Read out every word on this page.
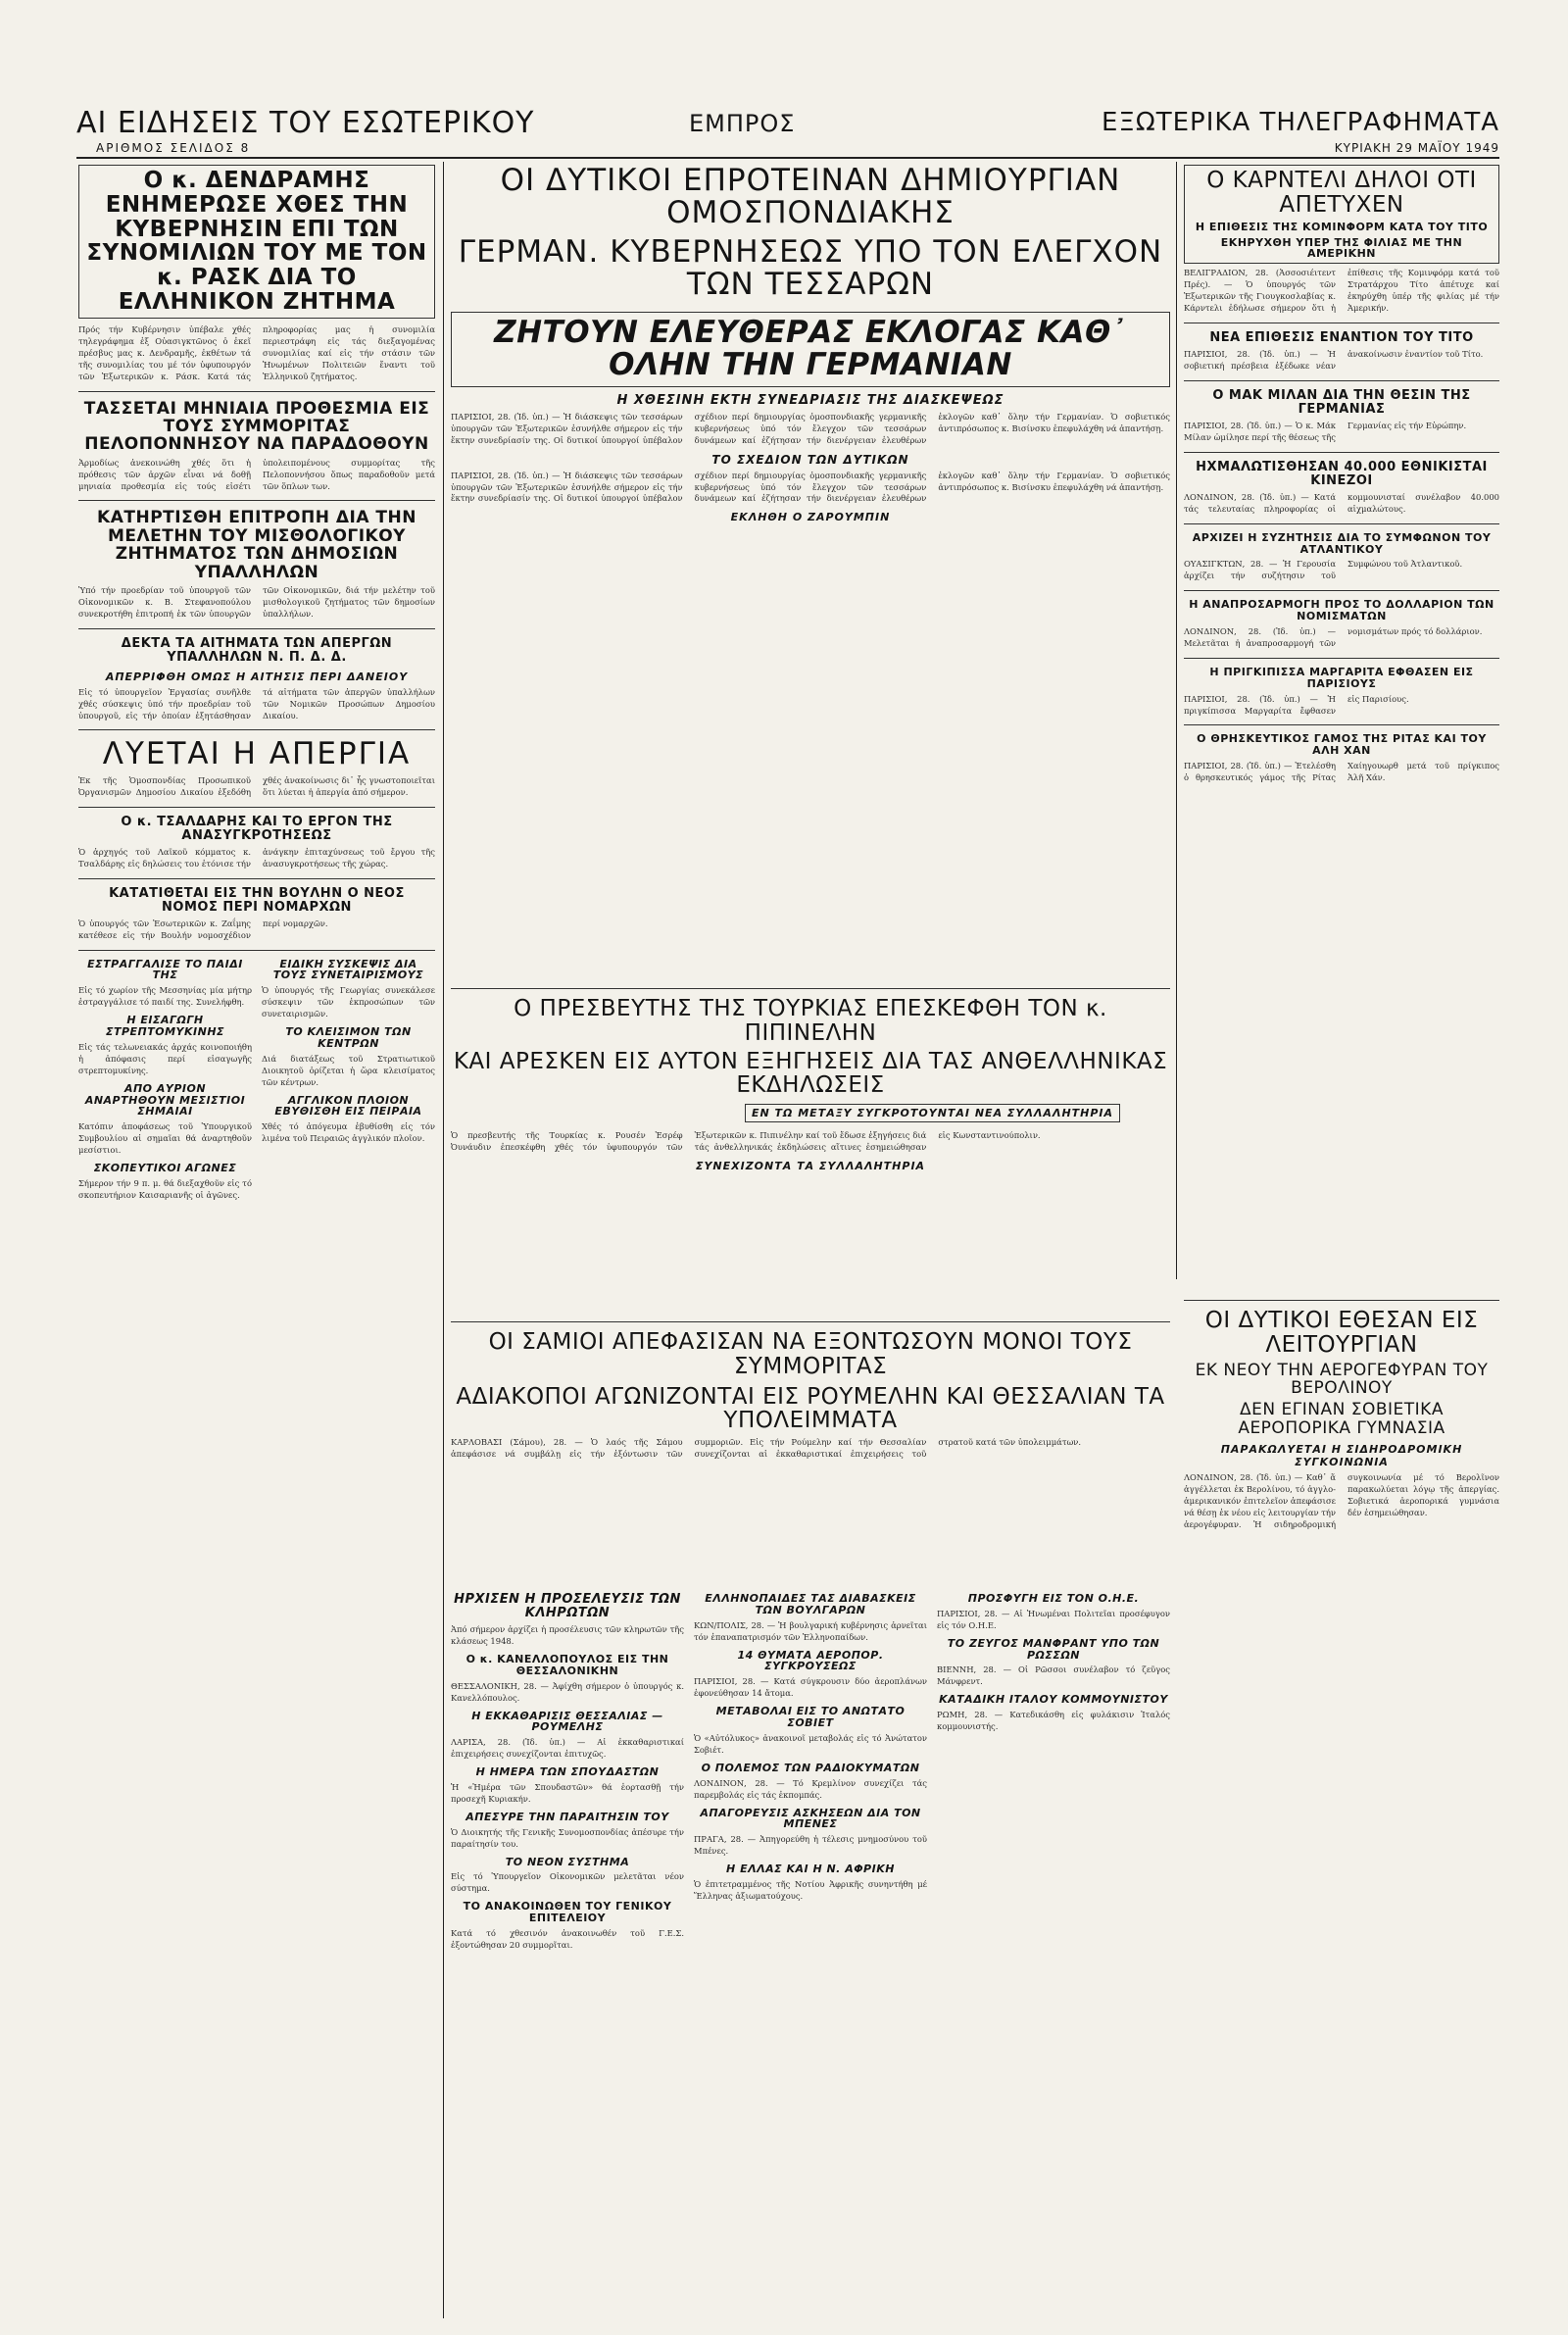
ΑΙ ΕΙΔΗΣΕΙΣ ΤΟΥ ΕΣΩΤΕΡΙΚΟΥ
ΑΡΙΘΜΟΣ ΣΕΛΙΔΟΣ 8
ΕΜΠΡΟΣ	ΕΞΩΤΕΡΙΚΑ ΤΗΛΕΓΡΑΦΗΜΑΤΑ
ΚΥΡΙΑΚΗ 29 ΜΑΪΟΥ 1949
Ο κ. ΔΕΝΔΡΑΜΗΣ ΕΝΗΜΕΡΩΣΕ ΧΘΕΣ ΤΗΝ ΚΥΒΕΡΝΗΣΙΝ ΕΠΙ ΤΩΝ ΣΥΝΟΜΙΛΙΩΝ ΤΟΥ ΜΕ ΤΟΝ κ. ΡΑΣΚ ΔΙΑ ΤΟ ΕΛΛΗΝΙΚΟΝ ΖΗΤΗΜΑ
Πρός τήν Κυβέρνησιν ὑπέβαλε χθές τηλεγράφημα ἐξ Οὐασιγκτῶνος ὁ ἐκεῖ πρέσβυς μας κ. Δενδραμῆς, ἐκθέτων τά τῆς συνομιλίας του μέ τόν ὑφυπουργόν τῶν Ἐξωτερικῶν κ. Ράσκ. Κατά τάς πληροφορίας μας ἡ συνομιλία περιεστράφη εἰς τάς διεξαγομένας συνομιλίας καί εἰς τήν στάσιν τῶν Ἡνωμένων Πολιτειῶν ἔναντι τοῦ Ἑλληνικοῦ ζητήματος.
ΤΑΣΣΕΤΑΙ ΜΗΝΙΑΙΑ ΠΡΟΘΕΣΜΙΑ ΕΙΣ ΤΟΥΣ ΣΥΜΜΟΡΙΤΑΣ ΠΕΛΟΠΟΝΝΗΣΟΥ ΝΑ ΠΑΡΑΔΟΘΟΥΝ
Ἀρμοδίως ἀνεκοινώθη χθές ὅτι ἡ πρόθεσις τῶν ἀρχῶν εἶναι νά δοθῇ μηνιαία προθεσμία εἰς τούς εἰσέτι ὑπολειπομένους συμμορίτας τῆς Πελοποννήσου ὅπως παραδοθοῦν μετά τῶν ὅπλων των.
ΚΑΤΗΡΤΙΣΘΗ ΕΠΙΤΡΟΠΗ ΔΙΑ ΤΗΝ ΜΕΛΕΤΗΝ ΤΟΥ ΜΙΣΘΟΛΟΓΙΚΟΥ ΖΗΤΗΜΑΤΟΣ ΤΩΝ ΔΗΜΟΣΙΩΝ ΥΠΑΛΛΗΛΩΝ
Ὑπό τήν προεδρίαν τοῦ ὑπουργοῦ τῶν Οἰκονομικῶν κ. Β. Στεφανοπούλου συνεκροτήθη ἐπιτροπή ἐκ τῶν ὑπουργῶν τῶν Οἰκονομικῶν, διά τήν μελέτην τοῦ μισθολογικοῦ ζητήματος τῶν δημοσίων ὑπαλλήλων.
ΔΕΚΤΑ ΤΑ ΑΙΤΗΜΑΤΑ ΤΩΝ ΑΠΕΡΓΩΝ ΥΠΑΛΛΗΛΩΝ Ν. Π. Δ. Δ.
ΑΠΕΡΡΙΦΘΗ ΟΜΩΣ Η ΑΙΤΗΣΙΣ ΠΕΡΙ ΔΑΝΕΙΟΥ
Εἰς τό ὑπουργεῖον Ἐργασίας συνῆλθε χθές σύσκεψις ὑπό τήν προεδρίαν τοῦ ὑπουργοῦ, εἰς τήν ὁποίαν ἐξητάσθησαν τά αἰτήματα τῶν ἀπεργῶν ὑπαλλήλων τῶν Νομικῶν Προσώπων Δημοσίου Δικαίου.
ΛΥΕΤΑΙ Η ΑΠΕΡΓΙΑ
Ἐκ τῆς Ὁμοσπονδίας Προσωπικοῦ Ὀργανισμῶν Δημοσίου Δικαίου ἐξεδόθη χθές ἀνακοίνωσις δι᾿ ἧς γνωστοποιεῖται ὅτι λύεται ἡ ἀπεργία ἀπό σήμερον.
Ο κ. ΤΣΑΛΔΑΡΗΣ ΚΑΙ ΤΟ ΕΡΓΟΝ ΤΗΣ ΑΝΑΣΥΓΚΡΟΤΗΣΕΩΣ
Ὁ ἀρχηγός τοῦ Λαϊκοῦ κόμματος κ. Τσαλδάρης εἰς δηλώσεις του ἐτόνισε τήν ἀνάγκην ἐπιταχύνσεως τοῦ ἔργου τῆς ἀνασυγκροτήσεως τῆς χώρας.
ΚΑΤΑΤΙΘΕΤΑΙ ΕΙΣ ΤΗΝ ΒΟΥΛΗΝ Ο ΝΕΟΣ ΝΟΜΟΣ ΠΕΡΙ ΝΟΜΑΡΧΩΝ
Ὁ ὑπουργός τῶν Ἐσωτερικῶν κ. Ζαΐμης κατέθεσε εἰς τήν Βουλήν νομοσχέδιον περί νομαρχῶν.
ΕΣΤΡΑΓΓΑΛΙΣΕ ΤΟ ΠΑΙΔΙ ΤΗΣ
Εἰς τό χωρίον τῆς Μεσσηνίας μία μήτηρ ἐστραγγάλισε τό παιδί της. Συνελήφθη.
Η ΕΙΣΑΓΩΓΗ ΣΤΡΕΠΤΟΜΥΚΙΝΗΣ
Εἰς τάς τελωνειακάς ἀρχάς κοινοποιήθη ἡ ἀπόφασις περί εἰσαγωγῆς στρεπτομυκίνης.
ΑΠΟ ΑΥΡΙΟΝ ΑΝΑΡΤΗΘΟΥΝ ΜΕΣΙΣΤΙΟΙ ΣΗΜΑΙΑΙ
Κατόπιν ἀποφάσεως τοῦ Ὑπουργικοῦ Συμβουλίου αἱ σημαῖαι θά ἀναρτηθοῦν μεσίστιοι.
ΣΚΟΠΕΥΤΙΚΟΙ ΑΓΩΝΕΣ
Σήμερον τήν 9 π. μ. θά διεξαχθοῦν εἰς τό σκοπευτήριον Καισαριανῆς οἱ ἀγῶνες.
ΕΙΔΙΚΗ ΣΥΣΚΕΨΙΣ ΔΙΑ ΤΟΥΣ ΣΥΝΕΤΑΙΡΙΣΜΟΥΣ
Ὁ ὑπουργός τῆς Γεωργίας συνεκάλεσε σύσκεψιν τῶν ἐκπροσώπων τῶν συνεταιρισμῶν.
ΤΟ ΚΛΕΙΣΙΜΟΝ ΤΩΝ ΚΕΝΤΡΩΝ
Διά διατάξεως τοῦ Στρατιωτικοῦ Διοικητοῦ ὁρίζεται ἡ ὥρα κλεισίματος τῶν κέντρων.
ΑΓΓΛΙΚΟΝ ΠΛΟΙΟΝ ΕΒΥΘΙΣΘΗ ΕΙΣ ΠΕΙΡΑΙΑ
Χθές τό ἀπόγευμα ἐβυθίσθη εἰς τόν λιμένα τοῦ Πειραιῶς ἀγγλικόν πλοῖον.
ΟΙ ΔΥΤΙΚΟΙ ΕΠΡΟΤΕΙΝΑΝ ΔΗΜΙΟΥΡΓΙΑΝ ΟΜΟΣΠΟΝΔΙΑΚΗΣ
ΓΕΡΜΑΝ. ΚΥΒΕΡΝΗΣΕΩΣ ΥΠΟ ΤΟΝ ΕΛΕΓΧΟΝ ΤΩΝ ΤΕΣΣΑΡΩΝ
ΖΗΤΟΥΝ ΕΛΕΥΘΕΡΑΣ ΕΚΛΟΓΑΣ ΚΑΘ᾿ ΟΛΗΝ ΤΗΝ ΓΕΡΜΑΝΙΑΝ
Η ΧΘΕΣΙΝΗ ΕΚΤΗ ΣΥΝΕΔΡΙΑΣΙΣ ΤΗΣ ΔΙΑΣΚΕΨΕΩΣ
ΠΑΡΙΣΙΟΙ, 28. (Ἰδ. ὑπ.) — Ἡ διάσκεψις τῶν τεσσάρων ὑπουργῶν τῶν Ἐξωτερικῶν ἐσυνήλθε σήμερον εἰς τήν ἕκτην συνεδρίασίν της. Οἱ δυτικοί ὑπουργοί ὑπέβαλον σχέδιον περί δημιουργίας ὁμοσπονδιακῆς γερμανικῆς κυβερνήσεως ὑπό τόν ἔλεγχον τῶν τεσσάρων δυνάμεων καί ἐζήτησαν τήν διενέργειαν ἐλευθέρων ἐκλογῶν καθ᾿ ὅλην τήν Γερμανίαν. Ὁ σοβιετικός ἀντιπρόσωπος κ. Βισίνσκυ ἐπεφυλάχθη νά ἀπαντήσῃ.
ΤΟ ΣΧΕΔΙΟΝ ΤΩΝ ΔΥΤΙΚΩΝ
ΠΑΡΙΣΙΟΙ, 28. (Ἰδ. ὑπ.) — Ἡ διάσκεψις τῶν τεσσάρων ὑπουργῶν τῶν Ἐξωτερικῶν ἐσυνήλθε σήμερον εἰς τήν ἕκτην συνεδρίασίν της. Οἱ δυτικοί ὑπουργοί ὑπέβαλον σχέδιον περί δημιουργίας ὁμοσπονδιακῆς γερμανικῆς κυβερνήσεως ὑπό τόν ἔλεγχον τῶν τεσσάρων δυνάμεων καί ἐζήτησαν τήν διενέργειαν ἐλευθέρων ἐκλογῶν καθ᾿ ὅλην τήν Γερμανίαν. Ὁ σοβιετικός ἀντιπρόσωπος κ. Βισίνσκυ ἐπεφυλάχθη νά ἀπαντήσῃ.
ΕΚΛΗΘΗ Ο ΖΑΡΟΥΜΠΙΝ
Ο ΠΡΕΣΒΕΥΤΗΣ ΤΗΣ ΤΟΥΡΚΙΑΣ ΕΠΕΣΚΕΦΘΗ ΤΟΝ κ. ΠΙΠΙΝΕΛΗΝ
ΚΑΙ ΑΡΕΣΚΕΝ ΕΙΣ ΑΥΤΟΝ ΕΞΗΓΗΣΕΙΣ ΔΙΑ ΤΑΣ ΑΝΘΕΛΛΗΝΙΚΑΣ ΕΚΔΗΛΩΣΕΙΣ
ΕΝ ΤΩ ΜΕΤΑΞΥ ΣΥΓΚΡΟΤΟΥΝΤΑΙ ΝΕΑ ΣΥΛΛΑΛΗΤΗΡΙΑ
Ὁ πρεσβευτής τῆς Τουρκίας κ. Ρουσέν Ἐσρέφ Ὀυνάυδιν ἐπεσκέφθη χθές τόν ὑφυπουργόν τῶν Ἐξωτερικῶν κ. Πιπινέλην καί τοῦ ἔδωσε ἐξηγήσεις διά τάς ἀνθελληνικάς ἐκδηλώσεις αἵτινες ἐσημειώθησαν εἰς Κωνσταντινούπολιν.
ΣΥΝΕΧΙΖΟΝΤΑ ΤΑ ΣΥΛΛΑΛΗΤΗΡΙΑ
ΟΙ ΣΑΜΙΟΙ ΑΠΕΦΑΣΙΣΑΝ ΝΑ ΕΞΟΝΤΩΣΟΥΝ ΜΟΝΟΙ ΤΟΥΣ ΣΥΜΜΟΡΙΤΑΣ
ΑΔΙΑΚΟΠΟΙ ΑΓΩΝΙΖΟΝΤΑΙ ΕΙΣ ΡΟΥΜΕΛΗΝ ΚΑΙ ΘΕΣΣΑΛΙΑΝ ΤΑ ΥΠΟΛΕΙΜΜΑΤΑ
ΚΑΡΛΟΒΑΣΙ (Σάμου), 28. — Ὁ λαός τῆς Σάμου ἀπεφάσισε νά συμβάλῃ εἰς τήν ἐξόντωσιν τῶν συμμοριῶν. Εἰς τήν Ρούμελην καί τήν Θεσσαλίαν συνεχίζονται αἱ ἐκκαθαριστικαί ἐπιχειρήσεις τοῦ στρατοῦ κατά τῶν ὑπολειμμάτων.
ΗΡΧΙΣΕΝ Η ΠΡΟΣΕΛΕΥΣΙΣ ΤΩΝ ΚΛΗΡΩΤΩΝ
Ἀπό σήμερον ἀρχίζει ἡ προσέλευσις τῶν κληρωτῶν τῆς κλάσεως 1948.
Ο κ. ΚΑΝΕΛΛΟΠΟΥΛΟΣ ΕΙΣ ΤΗΝ ΘΕΣΣΑΛΟΝΙΚΗΝ
ΘΕΣΣΑΛΟΝΙΚΗ, 28. — Ἀφίχθη σήμερον ὁ ὑπουργός κ. Κανελλόπουλος.
Η ΕΚΚΑΘΑΡΙΣΙΣ ΘΕΣΣΑΛΙΑΣ — ΡΟΥΜΕΛΗΣ
ΛΑΡΙΣΑ, 28. (Ἰδ. ὑπ.) — Αἱ ἐκκαθαριστικαί ἐπιχειρήσεις συνεχίζονται ἐπιτυχῶς.
Η ΗΜΕΡΑ ΤΩΝ ΣΠΟΥΔΑΣΤΩΝ
Ἡ «Ἡμέρα τῶν Σπουδαστῶν» θά ἑορτασθῇ τήν προσεχῆ Κυριακήν.
ΑΠΕΣΥΡΕ ΤΗΝ ΠΑΡΑΙΤΗΣΙΝ ΤΟΥ
Ὁ Διοικητής τῆς Γενικῆς Συνομοσπονδίας ἀπέσυρε τήν παραίτησίν του.
ΤΟ ΝΕΟΝ ΣΥΣΤΗΜΑ
Εἰς τό Ὑπουργεῖον Οἰκονομικῶν μελετᾶται νέον σύστημα.
ΤΟ ΑΝΑΚΟΙΝΩΘΕΝ ΤΟΥ ΓΕΝΙΚΟΥ ΕΠΙΤΕΛΕΙΟΥ
Κατά τό χθεσινόν ἀνακοινωθέν τοῦ Γ.Ε.Σ. ἐξοντώθησαν 20 συμμορῖται.
ΕΛΛΗΝΟΠΑΙΔΕΣ ΤΑΣ ΔΙΑΒΑΣΚΕΙΣ ΤΩΝ ΒΟΥΛΓΑΡΩΝ
ΚΩΝ/ΠΟΛΙΣ, 28. — Ἡ βουλγαρική κυβέρνησις ἀρνεῖται τόν ἐπαναπατρισμόν τῶν Ἑλληνοπαίδων.
14 ΘΥΜΑΤΑ ΑΕΡΟΠΟΡ. ΣΥΓΚΡΟΥΣΕΩΣ
ΠΑΡΙΣΙΟΙ, 28. — Κατά σύγκρουσιν δύο ἀεροπλάνων ἐφονεύθησαν 14 ἄτομα.
ΜΕΤΑΒΟΛΑΙ ΕΙΣ ΤΟ ΑΝΩΤΑΤΟ ΣΟΒΙΕΤ
Ὁ «Αὐτόλυκος» ἀνακοινοῖ μεταβολάς εἰς τό Ἀνώτατον Σοβιέτ.
Ο ΠΟΛΕΜΟΣ ΤΩΝ ΡΑΔΙΟΚΥΜΑΤΩΝ
ΛΟΝΔΙΝΟΝ, 28. — Τό Κρεμλίνον συνεχίζει τάς παρεμβολάς εἰς τάς ἐκπομπάς.
ΑΠΑΓΟΡΕΥΣΙΣ ΑΣΚΗΣΕΩΝ ΔΙΑ ΤΟΝ ΜΠΕΝΕΣ
ΠΡΑΓΑ, 28. — Ἀπηγορεύθη ἡ τέλεσις μνημοσύνου τοῦ Μπένες.
Η ΕΛΛΑΣ ΚΑΙ Η Ν. ΑΦΡΙΚΗ
Ὁ ἐπιτετραμμένος τῆς Νοτίου Ἀφρικῆς συνηντήθη μέ Ἕλληνας ἀξιωματούχους.
ΠΡΟΣΦΥΓΗ ΕΙΣ ΤΟΝ Ο.Η.Ε.
ΠΑΡΙΣΙΟΙ, 28. — Αἱ Ἡνωμέναι Πολιτεῖαι προσέφυγον εἰς τόν Ο.Η.Ε.
ΤΟ ΖΕΥΓΟΣ ΜΑΝΦΡΑΝΤ ΥΠΟ ΤΩΝ ΡΩΣΣΩΝ
ΒΙΕΝΝΗ, 28. — Οἱ Ρῶσσοι συνέλαβον τό ζεῦγος Μάνφρεντ.
ΚΑΤΑΔΙΚΗ ΙΤΑΛΟΥ ΚΟΜΜΟΥΝΙΣΤΟΥ
ΡΩΜΗ, 28. — Κατεδικάσθη εἰς φυλάκισιν Ἰταλός κομμουνιστής.
Ο ΚΑΡΝΤΕΛΙ ΔΗΛΟΙ ΟΤΙ ΑΠΕΤΥΧΕΝ
Η ΕΠΙΘΕΣΙΣ ΤΗΣ ΚΟΜΙΝΦΟΡΜ ΚΑΤΑ ΤΟΥ ΤΙΤΟ
ΕΚΗΡΥΧΘΗ ΥΠΕΡ ΤΗΣ ΦΙΛΙΑΣ ΜΕ ΤΗΝ ΑΜΕΡΙΚΗΝ
ΒΕΛΙΓΡΑΔΙΟΝ, 28. (Ἀσσοσιέιτεντ Πρές). — Ὁ ὑπουργός τῶν Ἐξωτερικῶν τῆς Γιουγκοσλαβίας κ. Κάρντελι ἐδήλωσε σήμερον ὅτι ἡ ἐπίθεσις τῆς Κομινφόρμ κατά τοῦ Στρατάρχου Τίτο ἀπέτυχε καί ἐκηρύχθη ὑπέρ τῆς φιλίας μέ τήν Ἀμερικήν.
ΝΕΑ ΕΠΙΘΕΣΙΣ ΕΝΑΝΤΙΟΝ ΤΟΥ ΤΙΤΟ
ΠΑΡΙΣΙΟΙ, 28. (Ἰδ. ὑπ.) — Ἡ σοβιετική πρέσβεια ἐξέδωκε νέαν ἀνακοίνωσιν ἐναντίον τοῦ Τίτο.
Ο ΜΑΚ ΜΙΛΑΝ ΔΙΑ ΤΗΝ ΘΕΣΙΝ ΤΗΣ ΓΕΡΜΑΝΙΑΣ
ΠΑΡΙΣΙΟΙ, 28. (Ἰδ. ὑπ.) — Ὁ κ. Μάκ Μίλαν ὡμίλησε περί τῆς θέσεως τῆς Γερμανίας εἰς τήν Εὐρώπην.
ΗΧΜΑΛΩΤΙΣΘΗΣΑΝ 40.000 ΕΘΝΙΚΙΣΤΑΙ ΚΙΝΕΖΟΙ
ΛΟΝΔΙΝΟΝ, 28. (Ἰδ. ὑπ.) — Κατά τάς τελευταίας πληροφορίας οἱ κομμουνισταί συνέλαβον 40.000 αἰχμαλώτους.
ΑΡΧΙΖΕΙ Η ΣΥΖΗΤΗΣΙΣ ΔΙΑ ΤΟ ΣΥΜΦΩΝΟΝ ΤΟΥ ΑΤΛΑΝΤΙΚΟΥ
ΟΥΑΣΙΓΚΤΩΝ, 28. — Ἡ Γερουσία ἀρχίζει τήν συζήτησιν τοῦ Συμφώνου τοῦ Ἀτλαντικοῦ.
Η ΑΝΑΠΡΟΣΑΡΜΟΓΗ ΠΡΟΣ ΤΟ ΔΟΛΛΑΡΙΟΝ ΤΩΝ ΝΟΜΙΣΜΑΤΩΝ
ΛΟΝΔΙΝΟΝ, 28. (Ἰδ. ὑπ.) — Μελετᾶται ἡ ἀναπροσαρμογή τῶν νομισμάτων πρός τό δολλάριον.
Η ΠΡΙΓΚΙΠΙΣΣΑ ΜΑΡΓΑΡΙΤΑ ΕΦΘΑΣΕΝ ΕΙΣ ΠΑΡΙΣΙΟΥΣ
ΠΑΡΙΣΙΟΙ, 28. (Ἰδ. ὑπ.) — Ἡ πριγκίπισσα Μαργαρίτα ἔφθασεν εἰς Παρισίους.
Ο ΘΡΗΣΚΕΥΤΙΚΟΣ ΓΑΜΟΣ ΤΗΣ ΡΙΤΑΣ ΚΑΙ ΤΟΥ ΑΛΗ ΧΑΝ
ΠΑΡΙΣΙΟΙ, 28. (Ἰδ. ὑπ.) — Ἐτελέσθη ὁ θρησκευτικός γάμος τῆς Ρίτας Χαίηγουωρθ μετά τοῦ πρίγκιπος Ἀλῆ Χάν.
ΟΙ ΔΥΤΙΚΟΙ ΕΘΕΣΑΝ ΕΙΣ ΛΕΙΤΟΥΡΓΙΑΝ
ΕΚ ΝΕΟΥ ΤΗΝ ΑΕΡΟΓΕΦΥΡΑΝ ΤΟΥ ΒΕΡΟΛΙΝΟΥ
ΔΕΝ ΕΓΙΝΑΝ ΣΟΒΙΕΤΙΚΑ ΑΕΡΟΠΟΡΙΚΑ ΓΥΜΝΑΣΙΑ
ΠΑΡΑΚΩΛΥΕΤΑΙ Η ΣΙΔΗΡΟΔΡΟΜΙΚΗ ΣΥΓΚΟΙΝΩΝΙΑ
ΛΟΝΔΙΝΟΝ, 28. (Ἰδ. ὑπ.) — Καθ᾿ ἅ ἀγγέλλεται ἐκ Βερολίνου, τό ἀγγλο-ἀμερικανικόν ἐπιτελεῖον ἀπεφάσισε νά θέσῃ ἐκ νέου εἰς λειτουργίαν τήν ἀερογέφυραν. Ἡ σιδηροδρομική συγκοινωνία μέ τό Βερολῖνον παρακωλύεται λόγῳ τῆς ἀπεργίας. Σοβιετικά ἀεροπορικά γυμνάσια δέν ἐσημειώθησαν.
